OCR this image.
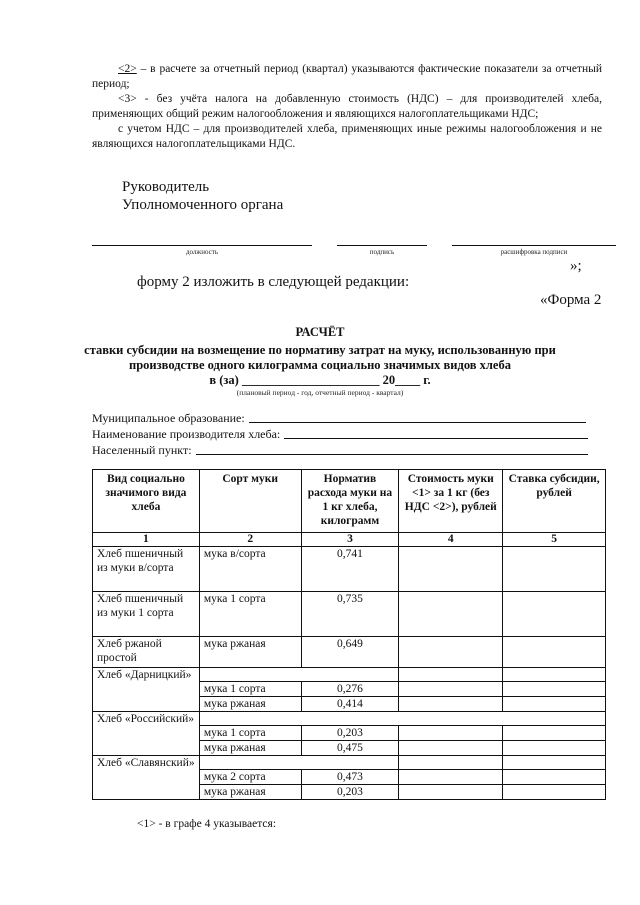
<2> – в расчете за отчетный период (квартал) указываются фактические показатели за отчетный период;
<3> - без учёта налога на добавленную стоимость (НДС) – для производителей хлеба, применяющих общий режим налогообложения и являющихся налогоплательщиками НДС;
с учетом НДС – для производителей хлеба, применяющих иные режимы налогообложения и не являющихся налогоплательщиками НДС.
Руководитель
Уполномоченного органа
должность	подпись	расшифровка подписи
»;
форму 2 изложить в следующей редакции:
«Форма 2
РАСЧЁТ
ставки субсидии на возмещение по нормативу затрат на муку, использованную при
производстве одного килограмма социально значимых видов хлеба
в (за) ______________________ 20____ г.
(плановый период - год, отчетный период - квартал)
Муниципальное образование:
Наименование производителя хлеба:
Населенный пункт:
Вид социально значимого вида хлеба	Сорт муки	Норматив расхода муки на 1 кг хлеба, килограмм	Стоимость муки <1> за 1 кг (без НДС <2>), рублей	Ставка субсидии, рублей
1	2	3	4	5
Хлеб пшеничный из муки в/сорта	мука в/сорта	0,741		
Хлеб пшеничный из муки 1 сорта	мука 1 сорта	0,735		
Хлеб ржаной простой	мука ржаная	0,649		
Хлеб «Дарницкий»				
	мука 1 сорта	0,276		
	мука ржаная	0,414		
Хлеб «Российский»				
	мука 1 сорта	0,203		
	мука ржаная	0,475		
Хлеб «Славянский»				
	мука 2 сорта	0,473		
	мука ржаная	0,203		
<1> - в графе 4 указывается:
